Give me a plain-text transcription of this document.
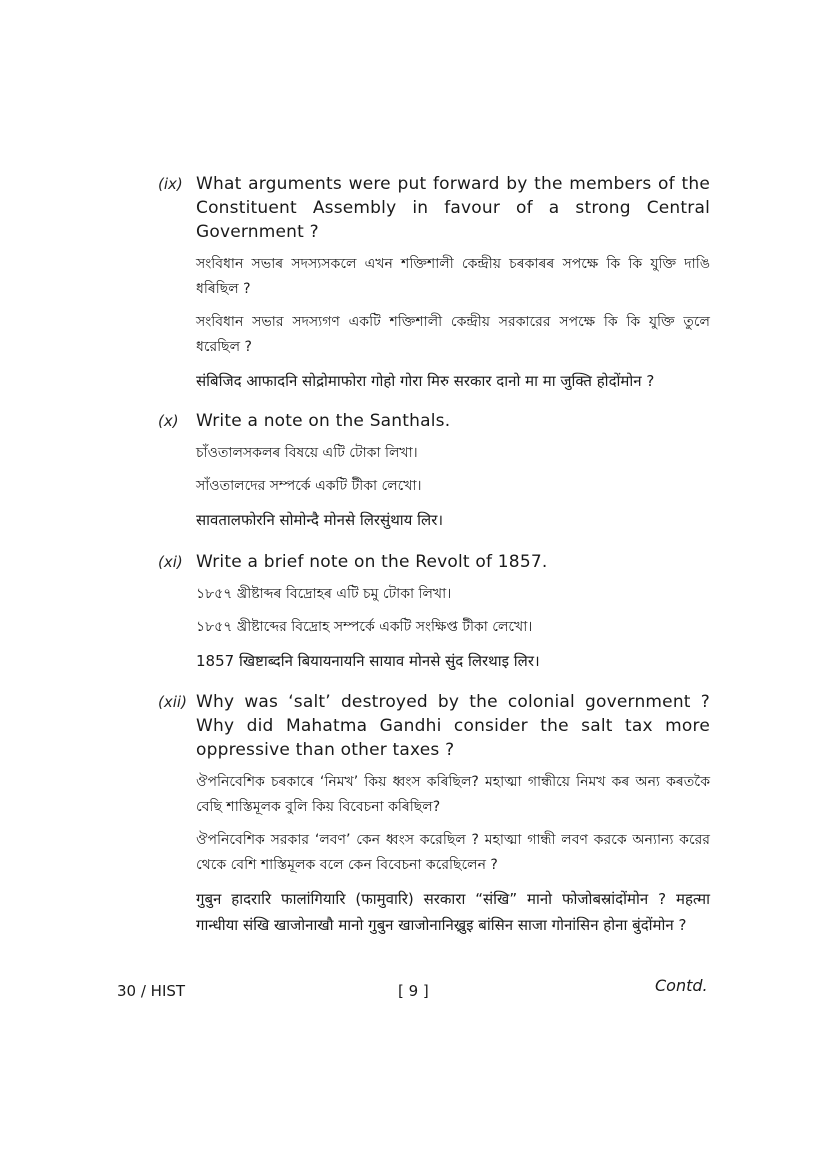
(ix) What arguments were put forward by the members of the Constituent Assembly in favour of a strong Central Government ?

সংবিধান সভাৰ সদস্যসকলে এখন শক্তিশালী কেন্দ্ৰীয় চৰকাৰৰ সপক্ষে কি কি যুক্তি দাঙি ধৰিছিল ?

সংবিধান সভার সদস্যগণ একটি শক্তিশালী কেন্দ্রীয় সরকারের সপক্ষে কি কি যুক্তি তুলে ধরেছিল ?

संबिजिद आफादनि सोद्रोमाफोरा गोहो गोरा मिरु सरकार दानो मा मा जुक्ति होदोंमोन ?

(x) Write a note on the Santhals.

চাঁওতালসকলৰ বিষয়ে এটি টোকা লিখা।

সাঁওতালদের সম্পর্কে একটি টীকা লেখো।

सावतालफोरनि सोमोन्दै मोनसे लिरसुंथाय लिर।

(xi) Write a brief note on the Revolt of 1857.

১৮৫৭ খ্ৰীষ্টাব্দৰ বিদ্ৰোহৰ এটি চমু টোকা লিখা।

১৮৫৭ খ্রীষ্টাব্দের বিদ্রোহ সম্পর্কে একটি সংক্ষিপ্ত টীকা লেখো।

1857 खिष्टाब्दनि बियायनायनि सायाव मोनसे सुंद लिरथाइ लिर।

(xii) Why was ‘salt’ destroyed by the colonial government ? Why did Mahatma Gandhi consider the salt tax more oppressive than other taxes ?

ঔপনিবেশিক চৰকাৰে ‘নিমখ’ কিয় ধ্বংস কৰিছিল? মহাত্মা গান্ধীয়ে নিমখ কৰ অন্য কৰতকৈ বেছি শাস্তিমূলক বুলি কিয় বিবেচনা কৰিছিল?

ঔপনিবেশিক সরকার ‘লবণ’ কেন ধ্বংস করেছিল ? মহাত্মা গান্ধী লবণ করকে অন্যান্য করের থেকে বেশি শাস্তিমূলক বলে কেন বিবেচনা করেছিলেন ?

गुबुन हादरारि फालांगियारि (फामुवारि) सरकारा “संखि” मानो फोजोबस्रांदोंमोन ? महत्मा गान्धीया संखि खाजोनाखौ मानो गुबुन खाजोनानिख्रुइ बांसिन साजा गोनांसिन होना बुंदोंमोन ?

30 / HIST	[ 9 ]	Contd.
